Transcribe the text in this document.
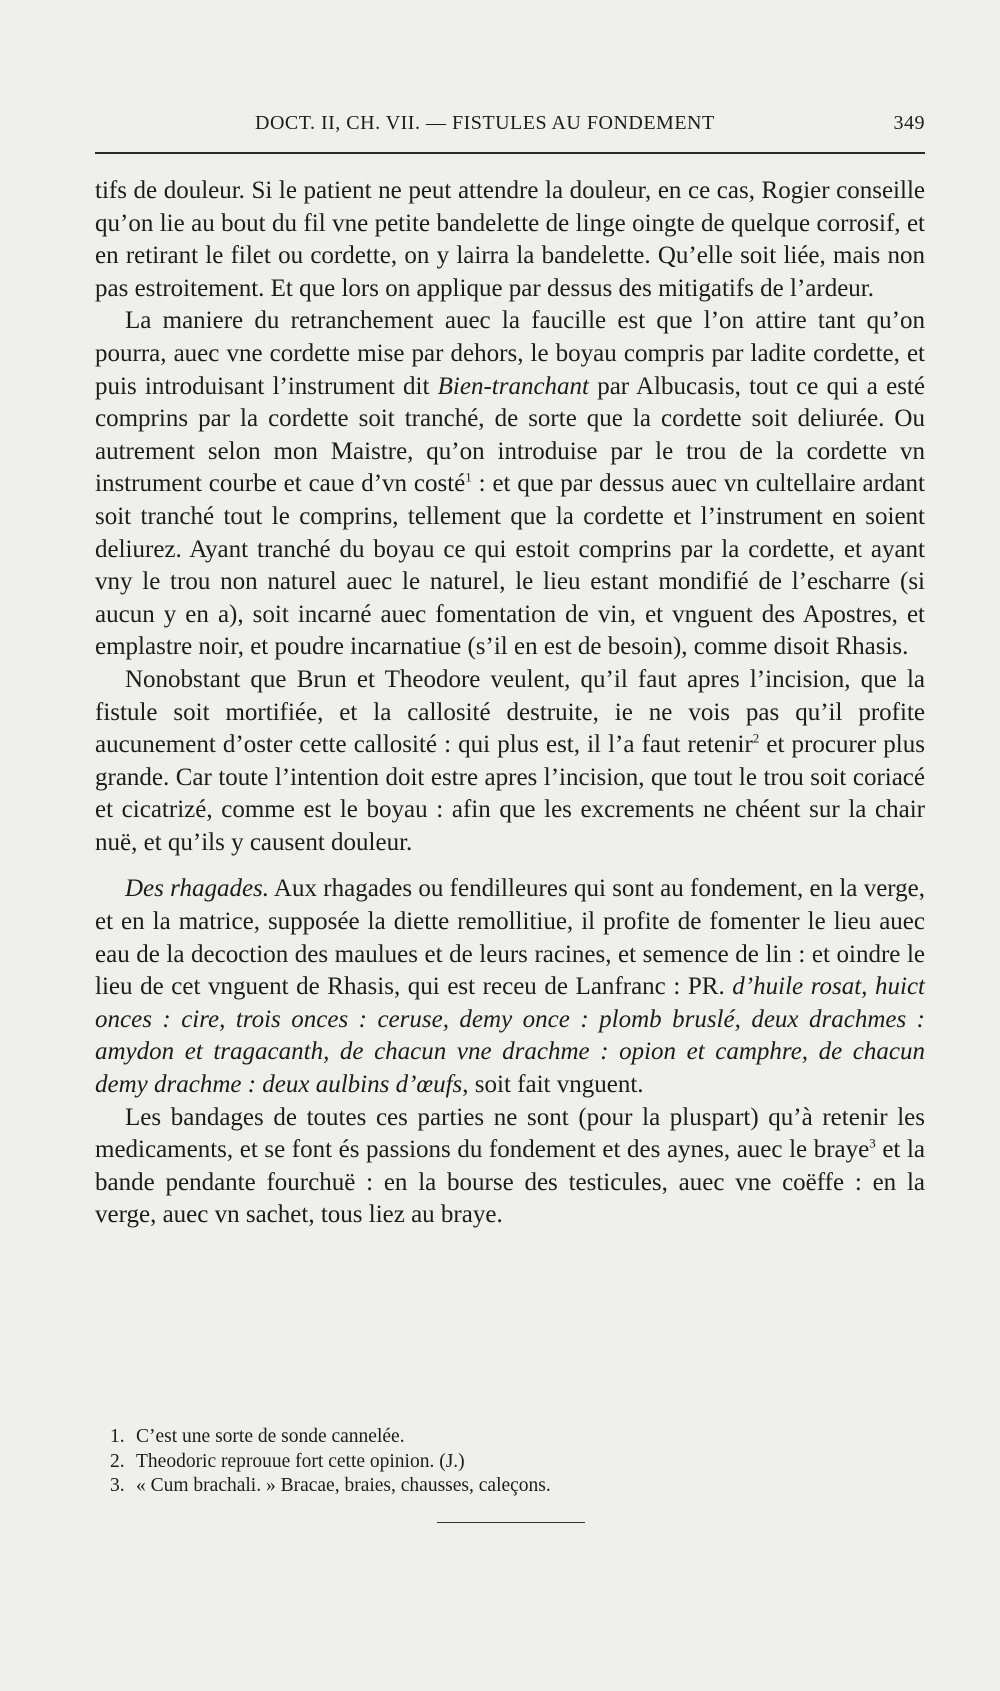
DOCT. II, CH. VII. — FISTULES AU FONDEMENT	349

tifs de douleur. Si le patient ne peut attendre la douleur, en ce cas, Rogier conseille qu’on lie au bout du fil vne petite bandelette de linge oingte de quelque corrosif, et en retirant le filet ou cordette, on y lairra la bandelette. Qu’elle soit liée, mais non pas estroitement. Et que lors on applique par dessus des mitigatifs de l’ardeur.

La maniere du retranchement auec la faucille est que l’on attire tant qu’on pourra, auec vne cordette mise par dehors, le boyau compris par ladite cordette, et puis introduisant l’instrument dit Bien-tranchant par Albucasis, tout ce qui a esté comprins par la cordette soit tranché, de sorte que la cordette soit deliurée. Ou autrement selon mon Maistre, qu’on introduise par le trou de la cordette vn instrument courbe et caue d’vn costé$^1$ : et que par dessus auec vn cultellaire ardant soit tranché tout le comprins, tellement que la cordette et l’instrument en soient deliurez. Ayant tranché du boyau ce qui estoit comprins par la cordette, et ayant vny le trou non naturel auec le naturel, le lieu estant mondifié de l’escharre (si aucun y en a), soit incarné auec fomentation de vin, et vnguent des Apostres, et emplastre noir, et poudre incarnatiue (s’il en est de besoin), comme disoit Rhasis.

Nonobstant que Brun et Theodore veulent, qu’il faut apres l’incision, que la fistule soit mortifiée, et la callosité destruite, ie ne vois pas qu’il profite aucunement d’oster cette callosité : qui plus est, il l’a faut retenir$^2$ et procurer plus grande. Car toute l’intention doit estre apres l’incision, que tout le trou soit coriacé et cicatrizé, comme est le boyau : afin que les excrements ne chéent sur la chair nuë, et qu’ils y causent douleur.

Des rhagades. Aux rhagades ou fendilleures qui sont au fondement, en la verge, et en la matrice, supposée la diette remollitiue, il profite de fomenter le lieu auec eau de la decoction des maulues et de leurs racines, et semence de lin : et oindre le lieu de cet vnguent de Rhasis, qui est receu de Lanfranc : PR. d’huile rosat, huict onces : cire, trois onces : ceruse, demy once : plomb bruslé, deux drachmes : amydon et tragacanth, de chacun vne drachme : opion et camphre, de chacun demy drachme : deux aulbins d’œufs, soit fait vnguent.

Les bandages de toutes ces parties ne sont (pour la pluspart) qu’à retenir les medicaments, et se font és passions du fondement et des aynes, auec le braye$^3$ et la bande pendante fourchuë : en la bourse des testicules, auec vne coëffe : en la verge, auec vn sachet, tous liez au braye.

1. C’est une sorte de sonde cannelée.

2. Theodoric reprouue fort cette opinion. (J.)

3. « Cum brachali. » Bracae, braies, chausses, caleçons.
